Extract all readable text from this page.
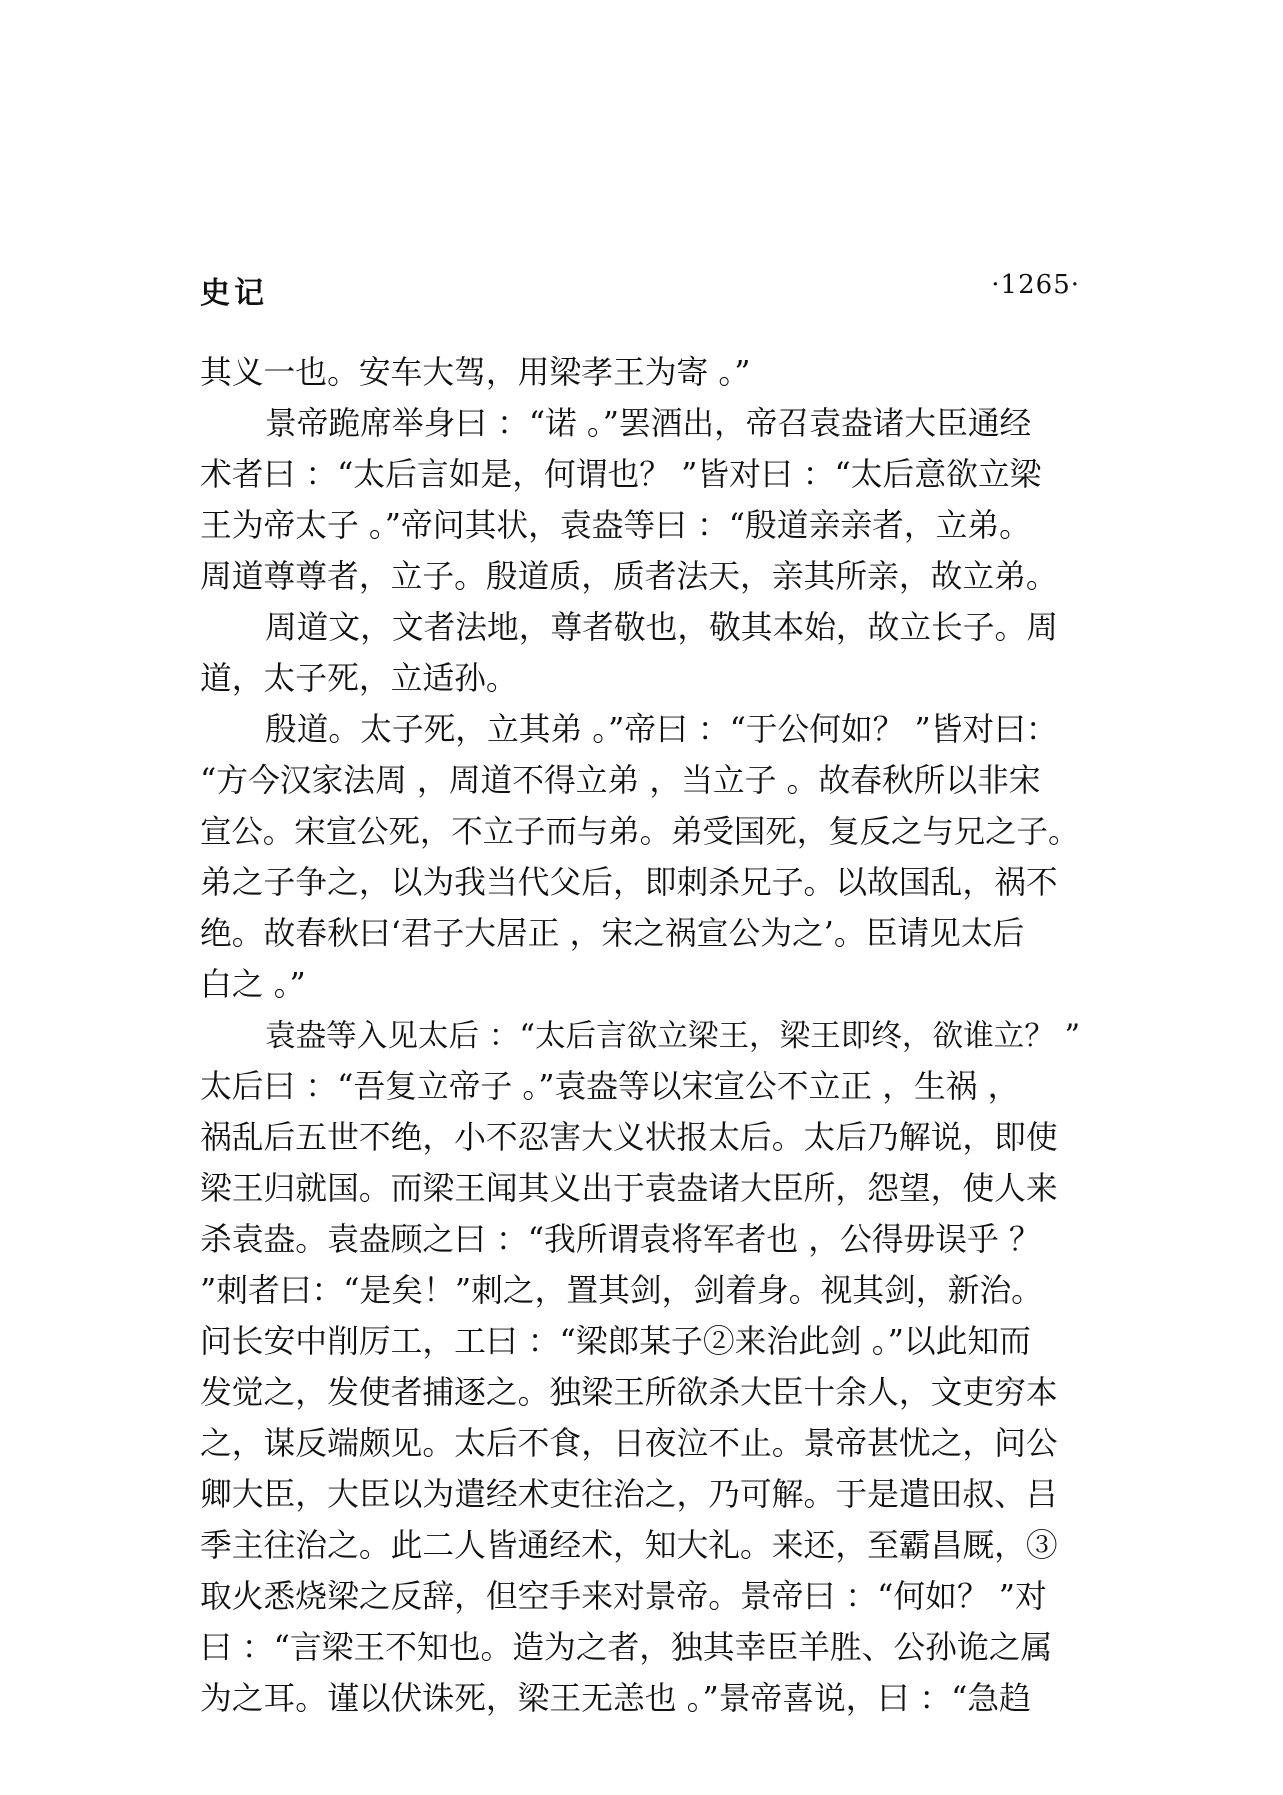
史记	·1265·
其义一也。安车大驾，用梁孝王为寄 。”
景帝跪席举身曰 ：“诺 。”罢酒出，帝召袁盎诸大臣通经
术者曰 ：“太后言如是，何谓也？ ”皆对曰 ：“太后意欲立梁
王为帝太子 。”帝问其状，袁盎等曰 ：“殷道亲亲者，立弟。
周道尊尊者，立子。殷道质，质者法天，亲其所亲，故立弟。
周道文，文者法地，尊者敬也，敬其本始，故立长子。周
道，太子死，立适孙。
殷道。太子死，立其弟 。”帝曰 ：“于公何如？ ”皆对曰：
“方今汉家法周 ，周道不得立弟 ，当立子 。故春秋所以非宋
宣公。宋宣公死，不立子而与弟。弟受国死，复反之与兄之子。
弟之子争之，以为我当代父后，即刺杀兄子。以故国乱，祸不
绝。故春秋曰‘君子大居正 ，宋之祸宣公为之’。臣请见太后
白之 。”
袁盎等入见太后 ：“太后言欲立梁王，梁王即终，欲谁立？ ”
太后曰 ：“吾复立帝子 。”袁盎等以宋宣公不立正 ，生祸 ，
祸乱后五世不绝，小不忍害大义状报太后。太后乃解说，即使
梁王归就国。而梁王闻其义出于袁盎诸大臣所，怨望，使人来
杀袁盎。袁盎顾之曰 ：“我所谓袁将军者也 ，公得毋误乎 ？
”刺者曰：“是矣！”刺之，置其剑，剑着身。视其剑，新治。
问长安中削厉工，工曰 ：“梁郎某子②来治此剑 。”以此知而
发觉之，发使者捕逐之。独梁王所欲杀大臣十余人，文吏穷本
之，谋反端颇见。太后不食，日夜泣不止。景帝甚忧之，问公
卿大臣，大臣以为遣经术吏往治之，乃可解。于是遣田叔、吕
季主往治之。此二人皆通经术，知大礼。来还，至霸昌厩，③
取火悉烧梁之反辞，但空手来对景帝。景帝曰 ：“何如？ ”对
曰 ：“言梁王不知也。造为之者，独其幸臣羊胜、公孙诡之属
为之耳。谨以伏诛死，梁王无恙也 。”景帝喜说，曰 ：“急趋
